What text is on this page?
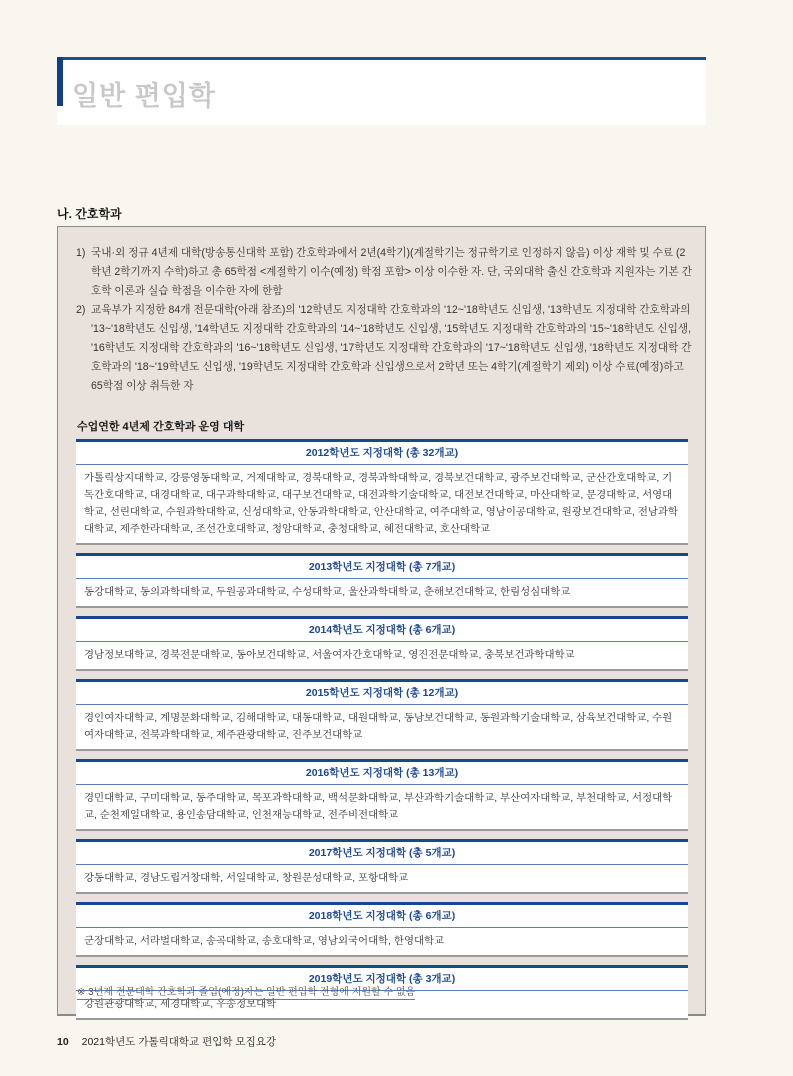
일반 편입학
나. 간호학과
1) 국내·외 정규 4년제 대학(방송통신대학 포함) 간호학과에서 2년(4학기)(계절학기는 정규학기로 인정하지 않음) 이상 재학 및 수료 (2학년 2학기까지 수학)하고 총 65학점 <계절학기 이수(예정) 학점 포함> 이상 이수한 자. 단, 국외대학 출신 간호학과 지원자는 기본 간호학 이론과 실습 학점을 이수한 자에 한함
2) 교육부가 지정한 84개 전문대학(아래 참조)의 '12학년도 지정대학 간호학과의 '12~'18학년도 신입생, '13학년도 지정대학 간호학과의 '13~'18학년도 신입생, '14학년도 지정대학 간호학과의 '14~'18학년도 신입생, '15학년도 지정대학 간호학과의 '15~'18학년도 신입생, '16학년도 지정대학 간호학과의 '16~'18학년도 신입생, '17학년도 지정대학 간호학과의 '17~'18학년도 신입생, '18학년도 지정대학 간호학과의 '18~'19학년도 신입생, '19학년도 지정대학 간호학과 신입생으로서 2학년 또는 4학기(계절학기 제외) 이상 수료(예정)하고 65학점 이상 취득한 자
수업연한 4년제 간호학과 운영 대학
2012학년도 지정대학 (총 32개교)
가톨릭상지대학교, 강릉영동대학교, 거제대학교, 경북대학교, 경북과학대학교, 경북보건대학교, 광주보건대학교, 군산간호대학교, 기독간호대학교, 대경대학교, 대구과학대학교, 대구보건대학교, 대전과학기술대학교, 대전보건대학교, 마산대학교, 문경대학교, 서영대학교, 선린대학교, 수원과학대학교, 신성대학교, 안동과학대학교, 안산대학교, 여주대학교, 영남이공대학교, 원광보건대학교, 전남과학대학교, 제주한라대학교, 조선간호대학교, 청암대학교, 충청대학교, 혜전대학교, 호산대학교
2013학년도 지정대학 (총 7개교)
동강대학교, 동의과학대학교, 두원공과대학교, 수성대학교, 울산과학대학교, 춘해보건대학교, 한림성심대학교
2014학년도 지정대학 (총 6개교)
경남정보대학교, 경북전문대학교, 동아보건대학교, 서울여자간호대학교, 영진전문대학교, 충북보건과학대학교
2015학년도 지정대학 (총 12개교)
경인여자대학교, 계명문화대학교, 김해대학교, 대동대학교, 대원대학교, 동남보건대학교, 동원과학기술대학교, 삼육보건대학교, 수원여자대학교, 전북과학대학교, 제주관광대학교, 진주보건대학교
2016학년도 지정대학 (총 13개교)
경민대학교, 구미대학교, 동주대학교, 목포과학대학교, 백석문화대학교, 부산과학기술대학교, 부산여자대학교, 부천대학교, 서정대학교, 순천제일대학교, 용인송담대학교, 인천재능대학교, 전주비전대학교
2017학년도 지정대학 (총 5개교)
강동대학교, 경남도립거창대학, 서일대학교, 창원문성대학교, 포항대학교
2018학년도 지정대학 (총 6개교)
군장대학교, 서라벌대학교, 송곡대학교, 송호대학교, 영남외국어대학, 한영대학교
2019학년도 지정대학 (총 3개교)
강원관광대학교, 세경대학교, 우송정보대학
※ 3년제 전문대학 간호학과 졸업(예정)자는 일반 편입학 전형에 지원할 수 없음
10 2021학년도 가톨릭대학교 편입학 모집요강
